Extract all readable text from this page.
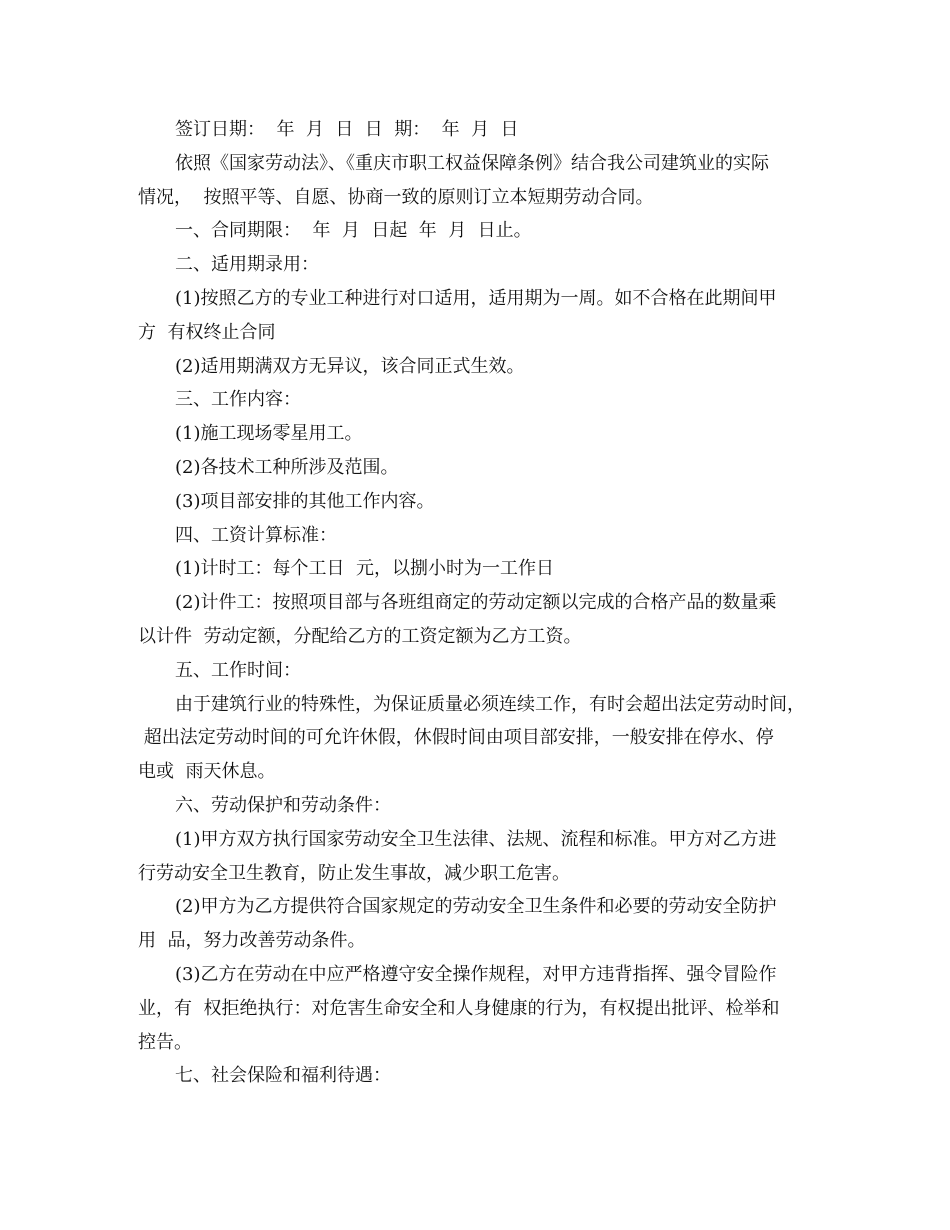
签订日期：  年  月  日  日  期：  年  月  日

依照《国家劳动法》、《重庆市职工权益保障条例》结合我公司建筑业的实际

情况，  按照平等、自愿、协商一致的原则订立本短期劳动合同。

一、合同期限：  年  月  日起  年  月  日止。

二、适用期录用：

(1)按照乙方的专业工种进行对口适用，适用期为一周。如不合格在此期间甲

方  有权终止合同

(2)适用期满双方无异议，该合同正式生效。

三、工作内容：

(1)施工现场零星用工。

(2)各技术工种所涉及范围。

(3)项目部安排的其他工作内容。

四、工资计算标准：

(1)计时工：每个工日  元，以捌小时为一工作日

(2)计件工：按照项目部与各班组商定的劳动定额以完成的合格产品的数量乘

以计件  劳动定额，分配给乙方的工资定额为乙方工资。

五、工作时间：

由于建筑行业的特殊性，为保证质量必须连续工作，有时会超出法定劳动时间，

超出法定劳动时间的可允许休假，休假时间由项目部安排，一般安排在停水、停

电或  雨天休息。

六、劳动保护和劳动条件：

(1)甲方双方执行国家劳动安全卫生法律、法规、流程和标准。甲方对乙方进

行劳动安全卫生教育，防止发生事故，减少职工危害。

(2)甲方为乙方提供符合国家规定的劳动安全卫生条件和必要的劳动安全防护

用  品，努力改善劳动条件。

(3)乙方在劳动在中应严格遵守安全操作规程，对甲方违背指挥、强令冒险作

业，有  权拒绝执行：对危害生命安全和人身健康的行为，有权提出批评、检举和

控告。

七、社会保险和福利待遇：
